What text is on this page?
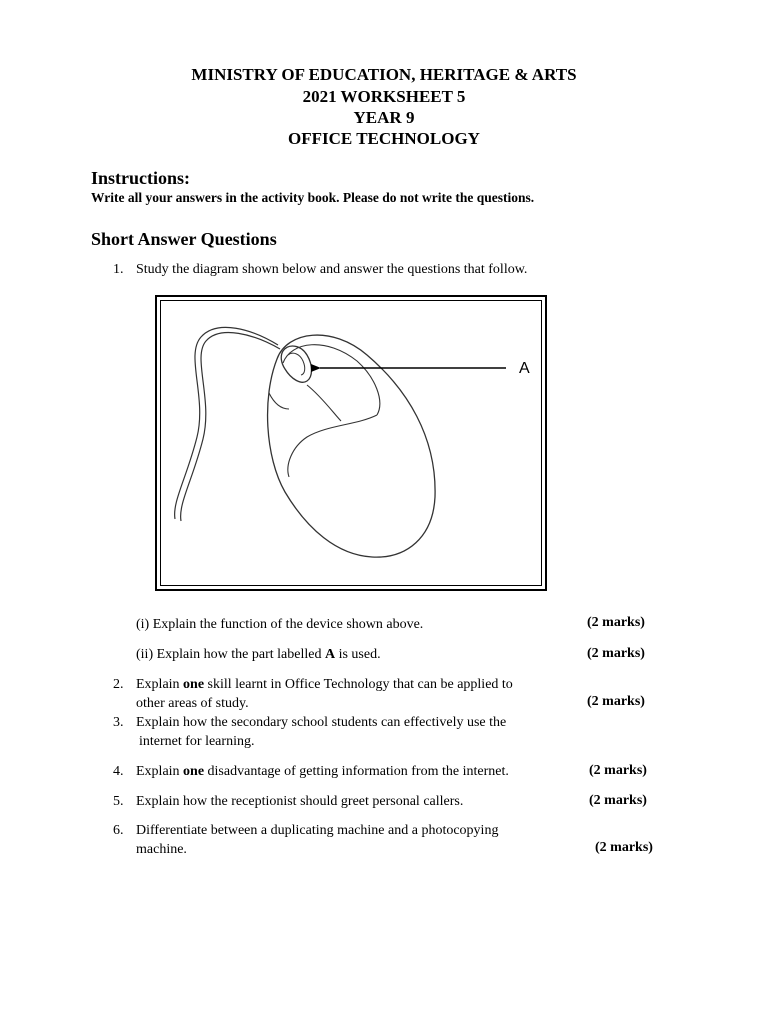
MINISTRY OF EDUCATION, HERITAGE & ARTS
2021 WORKSHEET 5
YEAR 9
OFFICE TECHNOLOGY
Instructions:
Write all your answers in the activity book. Please do not write the questions.
Short Answer Questions
1. Study the diagram shown below and answer the questions that follow.
A
(i) Explain the function of the device shown above.	(2 marks)
(ii) Explain how the part labelled A is used.	(2 marks)
2. Explain one skill learnt in Office Technology that can be applied to
other areas of study.	(2 marks)
3. Explain how the secondary school students can effectively use the
internet for learning.
4. Explain one disadvantage of getting information from the internet.	(2 marks)
5. Explain how the receptionist should greet personal callers.	(2 marks)
6. Differentiate between a duplicating machine and a photocopying
machine.	(2 marks)
